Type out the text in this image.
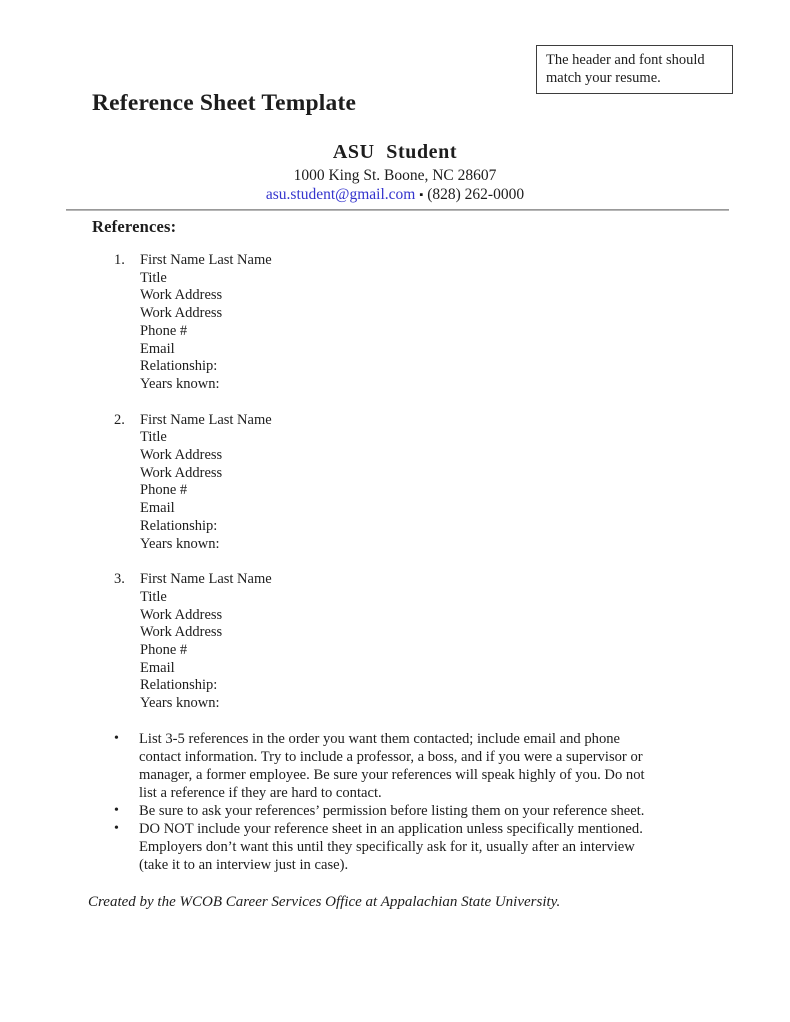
The header and font should
match your resume.
Reference Sheet Template
ASU Student
1000 King St. Boone, NC 28607
asu.student@gmail.com ▪ (828) 262-0000
References:
1.	First Name Last Name
Title
Work Address
Work Address
Phone #
Email
Relationship:
Years known:
2.	First Name Last Name
Title
Work Address
Work Address
Phone #
Email
Relationship:
Years known:
3.	First Name Last Name
Title
Work Address
Work Address
Phone #
Email
Relationship:
Years known:
•	List 3-5 references in the order you want them contacted; include email and phone
contact information. Try to include a professor, a boss, and if you were a supervisor or
manager, a former employee. Be sure your references will speak highly of you. Do not
list a reference if they are hard to contact.
•	Be sure to ask your references’ permission before listing them on your reference sheet.
•	DO NOT include your reference sheet in an application unless specifically mentioned.
Employers don’t want this until they specifically ask for it, usually after an interview
(take it to an interview just in case).
Created by the WCOB Career Services Office at Appalachian State University.
